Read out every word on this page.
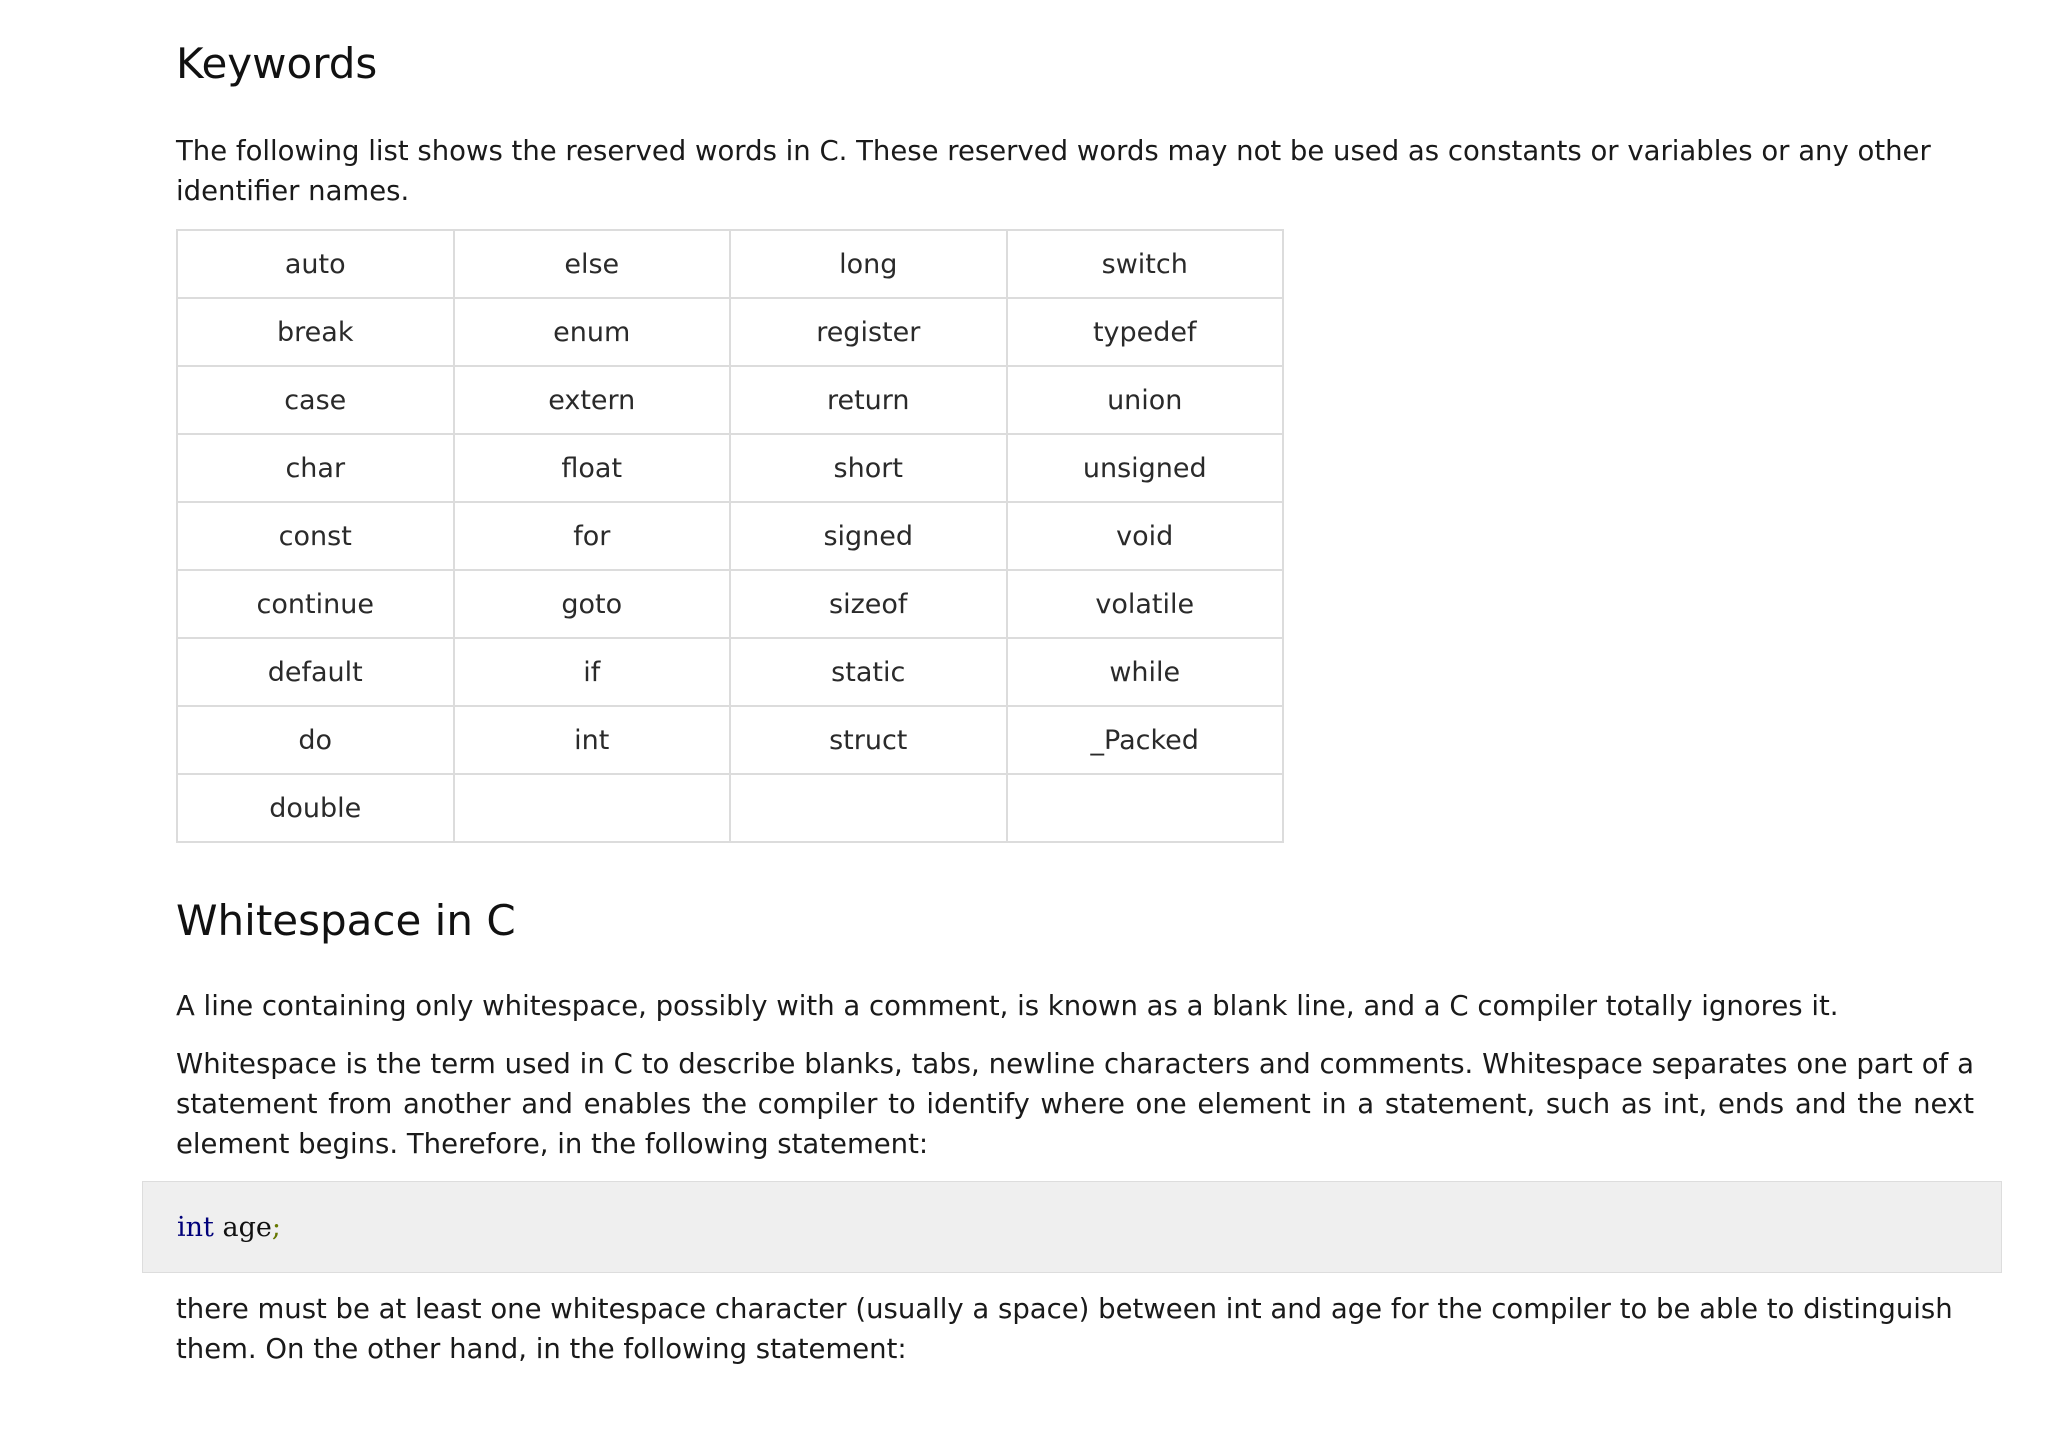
Keywords

The following list shows the reserved words in C. These reserved words may not be used as constants or variables or any other identifier names.

auto	else	long	switch
break	enum	register	typedef
case	extern	return	union
char	float	short	unsigned
const	for	signed	void
continue	goto	sizeof	volatile
default	if	static	while
do	int	struct	_Packed
double			
Whitespace in C

A line containing only whitespace, possibly with a comment, is known as a blank line, and a C compiler totally ignores it.

Whitespace is the term used in C to describe blanks, tabs, newline characters and comments. Whitespace separates one part of a statement from another and enables the compiler to identify where one element in a statement, such as int, ends and the next element begins. Therefore, in the following statement:

int age;

there must be at least one whitespace character (usually a space) between int and age for the compiler to be able to distinguish them. On the other hand, in the following statement:
